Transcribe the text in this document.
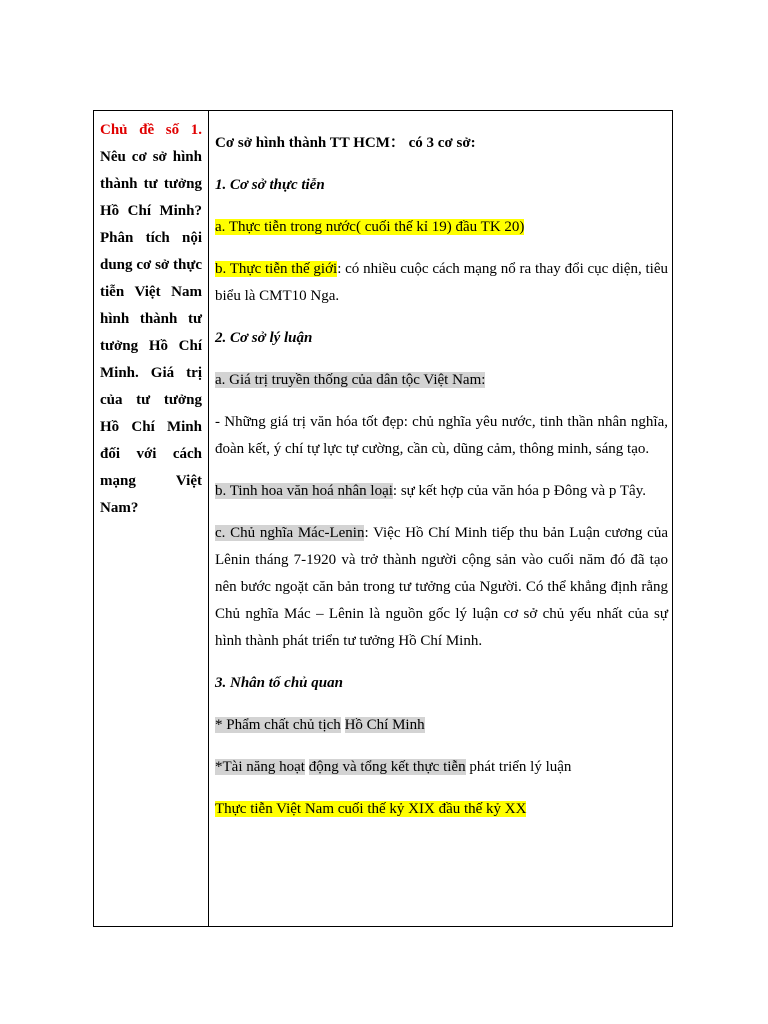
Chủ đề số 1. Nêu cơ sở hình thành tư tưởng Hồ Chí Minh? Phân tích nội dung cơ sở thực tiễn Việt Nam hình thành tư tưởng Hồ Chí Minh. Giá trị của tư tưởng Hồ Chí Minh đối với cách mạng Việt Nam?

Cơ sở hình thành TT HCM： có 3 cơ sở:

1. Cơ sở thực tiễn

a. Thực tiễn trong nước( cuối thế kỉ 19) đầu TK 20)

b. Thực tiễn thế giới: có nhiều cuộc cách mạng nổ ra thay đổi cục diện, tiêu biểu là CMT10 Nga.

2. Cơ sở lý luận

a. Giá trị truyền thống của dân tộc Việt Nam:

- Những giá trị văn hóa tốt đẹp: chủ nghĩa yêu nước, tinh thần nhân nghĩa, đoàn kết, ý chí tự lực tự cường, cần cù, dũng cảm, thông minh, sáng tạo.

b. Tinh hoa văn hoá nhân loại: sự kết hợp của văn hóa p Đông và p Tây.

c. Chủ nghĩa Mác-Lenin: Việc Hồ Chí Minh tiếp thu bản Luận cương của Lênin tháng 7-1920 và trở thành người cộng sản vào cuối năm đó đã tạo nên bước ngoặt căn bản trong tư tưởng của Người. Có thể khẳng định rằng Chủ nghĩa Mác – Lênin là nguồn gốc lý luận cơ sở chủ yếu nhất của sự hình thành phát triển tư tưởng Hồ Chí Minh.

3. Nhân tố chủ quan

* Phẩm chất chủ tịch Hồ Chí Minh

*Tài năng hoạt động và tổng kết thực tiễn phát triển lý luận

Thực tiễn Việt Nam cuối thế kỷ XIX đầu thế kỷ XX
